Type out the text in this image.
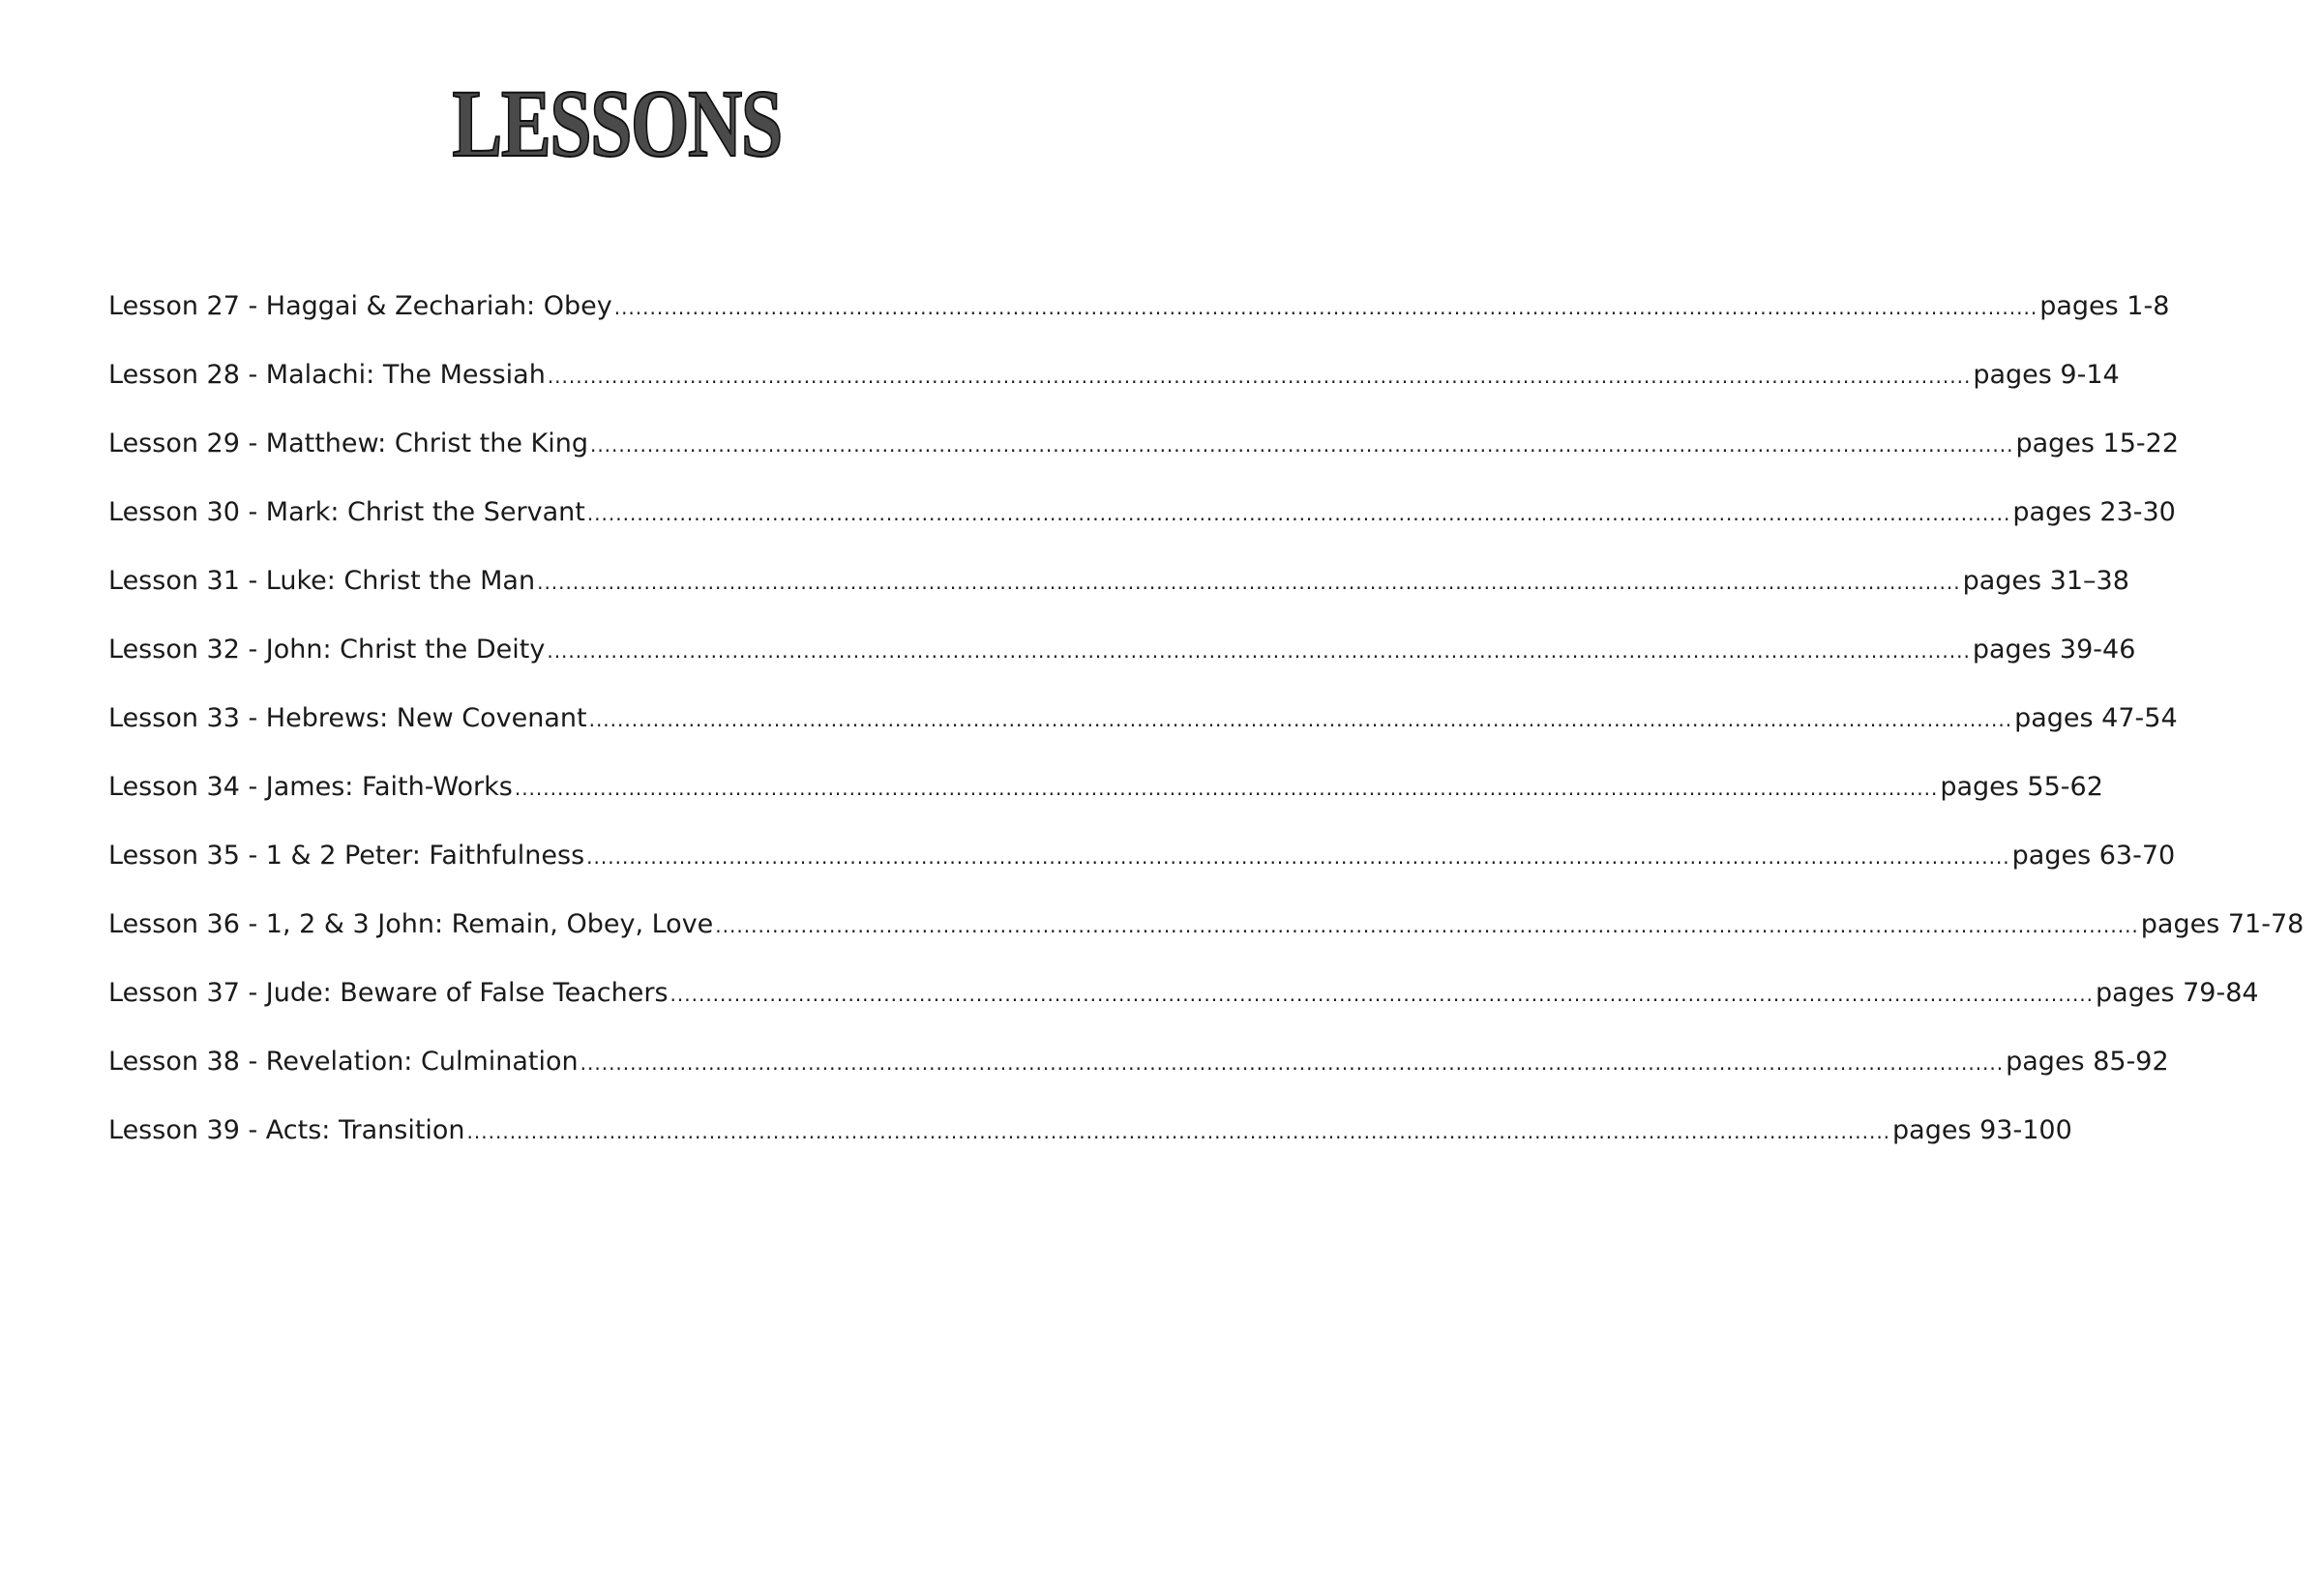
LESSONS
Lesson 27 - Haggai & Zechariah: Obey ........................................................................................................................................................................................................ pages 1-8
Lesson 28 - Malachi: The Messiah ........................................................................................................................................................................................................ pages 9-14
Lesson 29 - Matthew: Christ the King ........................................................................................................................................................................................................ pages 15-22
Lesson 30 - Mark: Christ the Servant ........................................................................................................................................................................................................ pages 23-30
Lesson 31 - Luke: Christ the Man ........................................................................................................................................................................................................ pages 31–38
Lesson 32 - John: Christ the Deity ........................................................................................................................................................................................................ pages 39-46
Lesson 33 - Hebrews: New Covenant ........................................................................................................................................................................................................ pages 47-54
Lesson 34 - James: Faith-Works ........................................................................................................................................................................................................ pages 55-62
Lesson 35 - 1 & 2 Peter: Faithfulness ........................................................................................................................................................................................................ pages 63-70
Lesson 36 - 1, 2 & 3 John: Remain, Obey, Love ........................................................................................................................................................................................................ pages 71-78
Lesson 37 - Jude: Beware of False Teachers ........................................................................................................................................................................................................ pages 79-84
Lesson 38 - Revelation: Culmination ........................................................................................................................................................................................................ pages 85-92
Lesson 39 - Acts: Transition ........................................................................................................................................................................................................ pages 93-100
